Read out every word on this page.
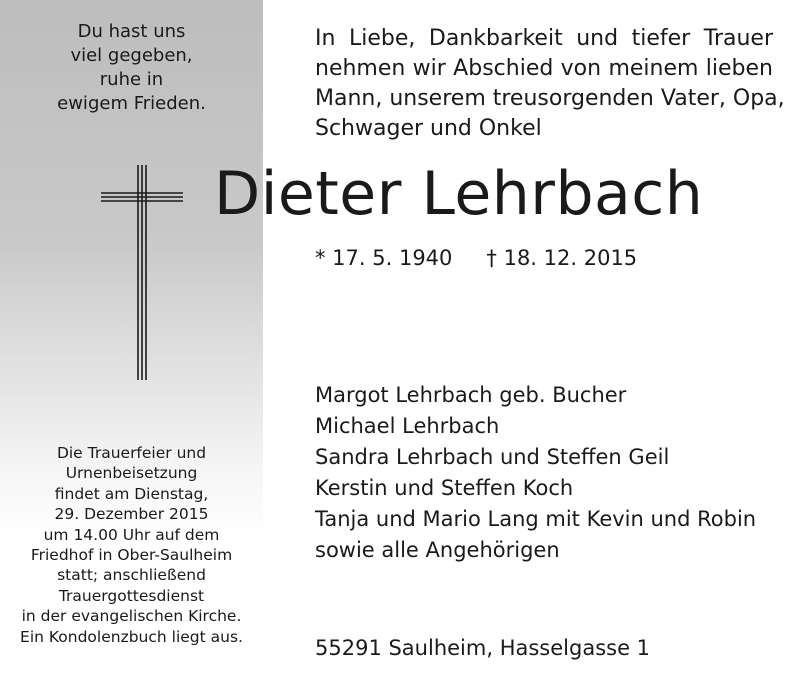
Du hast uns
viel gegeben,
ruhe in
ewigem Frieden.
Die Trauerfeier und
Urnenbeisetzung
findet am Dienstag,
29. Dezember 2015
um 14.00 Uhr auf dem
Friedhof in Ober-Saulheim
statt; anschließend
Trauergottesdienst
in der evangelischen Kirche.
Ein Kondolenzbuch liegt aus.
In Liebe, Dankbarkeit und tiefer Trauer
nehmen wir Abschied von meinem lieben
Mann, unserem treusorgenden Vater, Opa,
Schwager und Onkel
Dieter Lehrbach
* 17. 5. 1940 † 18. 12. 2015
Margot Lehrbach geb. Bucher
Michael Lehrbach
Sandra Lehrbach und Steffen Geil
Kerstin und Steffen Koch
Tanja und Mario Lang mit Kevin und Robin
sowie alle Angehörigen
55291 Saulheim, Hasselgasse 1
